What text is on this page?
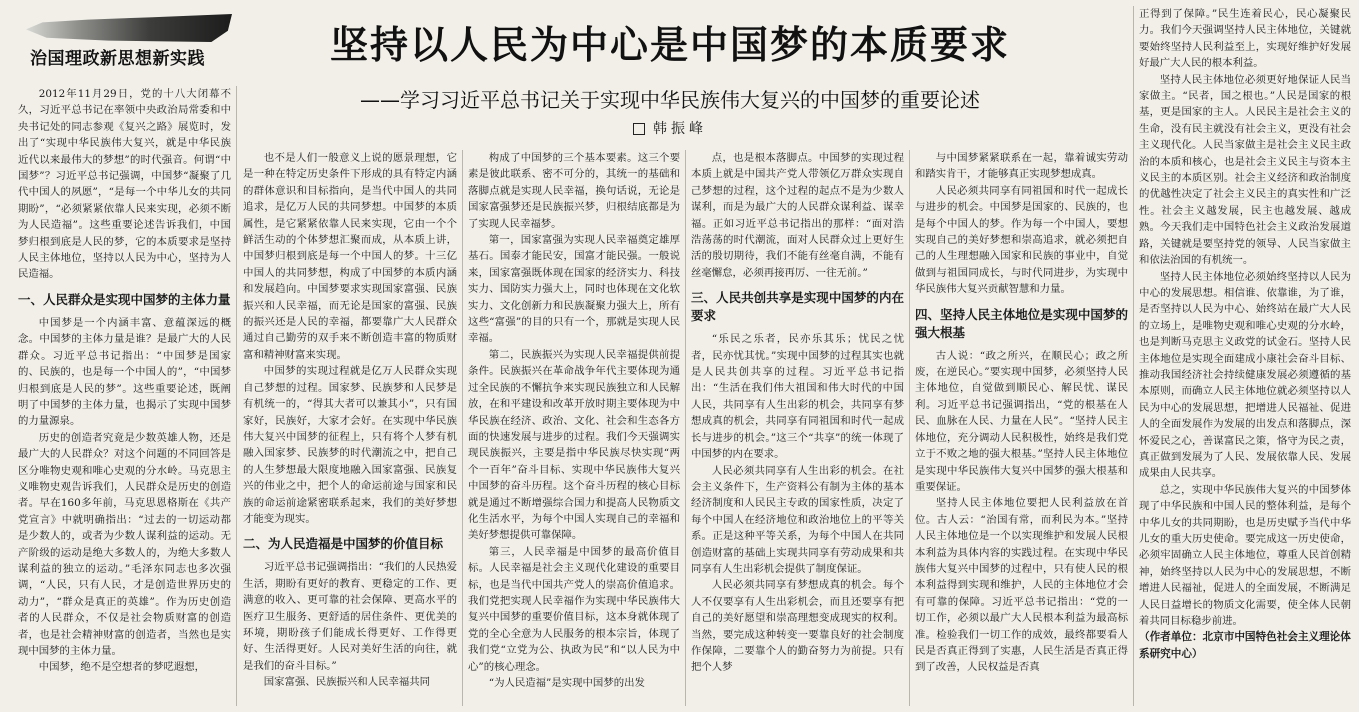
治国理政新思想新实践	坚持以人民为中心是中国梦的本质要求
——学习习近平总书记关于实现中华民族伟大复兴的中国梦的重要论述
韩振峰

2012年11月29日，党的十八大闭幕不久，习近平总书记在率领中央政治局常委和中央书记处的同志参观《复兴之路》展览时，发出了“实现中华民族伟大复兴，就是中华民族近代以来最伟大的梦想”的时代强音。何谓“中国梦”？习近平总书记强调，中国梦“凝聚了几代中国人的夙愿”，“是每一个中华儿女的共同期盼”，“必须紧紧依靠人民来实现，必须不断为人民造福”。这些重要论述告诉我们，中国梦归根到底是人民的梦，它的本质要求是坚持人民主体地位，坚持以人民为中心，坚持为人民造福。

一、人民群众是实现中国梦的主体力量

中国梦是一个内涵丰富、意蕴深远的概念。中国梦的主体力量是谁？是最广大的人民群众。习近平总书记指出：“中国梦是国家的、民族的，也是每一个中国人的”，“中国梦归根到底是人民的梦”。这些重要论述，既阐明了中国梦的主体力量，也揭示了实现中国梦的力量源泉。

历史的创造者究竟是少数英雄人物，还是最广大的人民群众？对这个问题的不同回答是区分唯物史观和唯心史观的分水岭。马克思主义唯物史观告诉我们，人民群众是历史的创造者。早在160多年前，马克思恩格斯在《共产党宣言》中就明确指出：“过去的一切运动都是少数人的，或者为少数人谋利益的运动。无产阶级的运动是绝大多数人的，为绝大多数人谋利益的独立的运动。”毛泽东同志也多次强调，“人民，只有人民，才是创造世界历史的动力”，“群众是真正的英雄”。作为历史创造者的人民群众，不仅是社会物质财富的创造者，也是社会精神财富的创造者，当然也是实现中国梦的主体力量。

中国梦，绝不是空想者的梦呓遐想，

也不是人们一般意义上说的愿景理想，它是一种在特定历史条件下形成的具有特定内涵的群体意识和目标指向，是当代中国人的共同追求，是亿万人民的共同梦想。中国梦的本质属性，是它紧紧依靠人民来实现，它由一个个鲜活生动的个体梦想汇聚而成，从本质上讲，中国梦归根到底是每一个中国人的梦。十三亿中国人的共同梦想，构成了中国梦的本质内涵和发展趋向。中国梦要求实现国家富强、民族振兴和人民幸福，而无论是国家的富强、民族的振兴还是人民的幸福，都要靠广大人民群众通过自己勤劳的双手来不断创造丰富的物质财富和精神财富来实现。

中国梦的实现过程就是亿万人民群众实现自己梦想的过程。国家梦、民族梦和人民梦是有机统一的，“得其大者可以兼其小”，只有国家好，民族好，大家才会好。在实现中华民族伟大复兴中国梦的征程上，只有将个人梦有机融入国家梦、民族梦的时代潮流之中，把自己的人生梦想最大限度地融入国家富强、民族复兴的伟业之中，把个人的命运前途与国家和民族的命运前途紧密联系起来，我们的美好梦想才能变为现实。

二、为人民造福是中国梦的价值目标

习近平总书记强调指出：“我们的人民热爱生活，期盼有更好的教育、更稳定的工作、更满意的收入、更可靠的社会保障、更高水平的医疗卫生服务、更舒适的居住条件、更优美的环境，期盼孩子们能成长得更好、工作得更好、生活得更好。人民对美好生活的向往，就是我们的奋斗目标。”

国家富强、民族振兴和人民幸福共同

构成了中国梦的三个基本要素。这三个要素是彼此联系、密不可分的，其统一的基础和落脚点就是实现人民幸福，换句话说，无论是国家富强梦还是民族振兴梦，归根结底都是为了实现人民幸福梦。

第一，国家富强为实现人民幸福奠定雄厚基石。国泰才能民安，国富才能民强。一般说来，国家富强既体现在国家的经济实力、科技实力、国防实力强大上，同时也体现在文化软实力、文化创新力和民族凝聚力强大上，所有这些“富强”的目的只有一个，那就是实现人民幸福。

第二，民族振兴为实现人民幸福提供前提条件。民族振兴在革命战争年代主要体现为通过全民族的不懈抗争来实现民族独立和人民解放，在和平建设和改革开放时期主要体现为中华民族在经济、政治、文化、社会和生态各方面的快速发展与进步的过程。我们今天强调实现民族振兴，主要是指中华民族尽快实现“两个一百年”奋斗目标、实现中华民族伟大复兴中国梦的奋斗历程。这个奋斗历程的核心目标就是通过不断增强综合国力和提高人民物质文化生活水平，为每个中国人实现自己的幸福和美好梦想提供可靠保障。

第三，人民幸福是中国梦的最高价值目标。人民幸福是社会主义现代化建设的重要目标，也是当代中国共产党人的崇高价值追求。我们党把实现人民幸福作为实现中华民族伟大复兴中国梦的重要价值目标，这本身就体现了党的全心全意为人民服务的根本宗旨，体现了我们党“立党为公、执政为民”和“以人民为中心”的核心理念。

“为人民造福”是实现中国梦的出发

点，也是根本落脚点。中国梦的实现过程本质上就是中国共产党人带领亿万群众实现自己梦想的过程，这个过程的起点不是为少数人谋利，而是为最广大的人民群众谋利益、谋幸福。正如习近平总书记指出的那样：“面对浩浩荡荡的时代潮流，面对人民群众过上更好生活的殷切期待，我们不能有丝毫自满，不能有丝毫懈怠，必须再接再厉、一往无前。”

三、人民共创共享是实现中国梦的内在要求

“乐民之乐者，民亦乐其乐；忧民之忧者，民亦忧其忧。”实现中国梦的过程其实也就是人民共创共享的过程。习近平总书记指出：“生活在我们伟大祖国和伟大时代的中国人民，共同享有人生出彩的机会，共同享有梦想成真的机会，共同享有同祖国和时代一起成长与进步的机会。”这三个“共享”的统一体现了中国梦的内在要求。

人民必须共同享有人生出彩的机会。在社会主义条件下，生产资料公有制为主体的基本经济制度和人民民主专政的国家性质，决定了每个中国人在经济地位和政治地位上的平等关系。正是这种平等关系，为每个中国人在共同创造财富的基础上实现共同享有劳动成果和共同享有人生出彩机会提供了制度保证。

人民必须共同享有梦想成真的机会。每个人不仅要享有人生出彩机会，而且还要享有把自己的美好愿望和崇高理想变成现实的权利。当然，要完成这种转变一要靠良好的社会制度作保障，二要靠个人的勤奋努力为前提。只有把个人梦

与中国梦紧紧联系在一起，靠着诚实劳动和踏实肯干，才能够真正实现梦想成真。

人民必须共同享有同祖国和时代一起成长与进步的机会。中国梦是国家的、民族的，也是每个中国人的梦。作为每一个中国人，要想实现自己的美好梦想和崇高追求，就必须把自己的人生理想融入国家和民族的事业中，自觉做到与祖国同成长，与时代同进步，为实现中华民族伟大复兴贡献智慧和力量。

四、坚持人民主体地位是实现中国梦的强大根基

古人说：“政之所兴，在顺民心；政之所废，在逆民心。”要实现中国梦，必须坚持人民主体地位，自觉做到顺民心、解民忧、谋民利。习近平总书记强调指出，“党的根基在人民、血脉在人民、力量在人民”。“坚持人民主体地位，充分调动人民积极性，始终是我们党立于不败之地的强大根基。”坚持人民主体地位是实现中华民族伟大复兴中国梦的强大根基和重要保证。

坚持人民主体地位要把人民利益放在首位。古人云：“治国有常，而利民为本。”坚持人民主体地位是一个以实现维护和发展人民根本利益为具体内容的实践过程。在实现中华民族伟大复兴中国梦的过程中，只有使人民的根本利益得到实现和维护，人民的主体地位才会有可靠的保障。习近平总书记指出：“党的一切工作，必须以最广大人民根本利益为最高标准。检验我们一切工作的成效，最终都要看人民是否真正得到了实惠，人民生活是否真正得到了改善，人民权益是否真

正得到了保障。”民生连着民心，民心凝聚民力。我们今天强调坚持人民主体地位，关键就要始终坚持人民利益至上，实现好维护好发展好最广大人民的根本利益。

坚持人民主体地位必须更好地保证人民当家做主。“民者，国之根也。”人民是国家的根基，更是国家的主人。人民民主是社会主义的生命，没有民主就没有社会主义，更没有社会主义现代化。人民当家做主是社会主义民主政治的本质和核心，也是社会主义民主与资本主义民主的本质区别。社会主义经济和政治制度的优越性决定了社会主义民主的真实性和广泛性。社会主义越发展，民主也越发展、越成熟。今天我们走中国特色社会主义政治发展道路，关键就是要坚持党的领导、人民当家做主和依法治国的有机统一。

坚持人民主体地位必须始终坚持以人民为中心的发展思想。相信谁、依靠谁，为了谁，是否坚持以人民为中心、始终站在最广大人民的立场上，是唯物史观和唯心史观的分水岭，也是判断马克思主义政党的试金石。坚持人民主体地位是实现全面建成小康社会奋斗目标、推动我国经济社会持续健康发展必须遵循的基本原则，而确立人民主体地位就必须坚持以人民为中心的发展思想，把增进人民福祉、促进人的全面发展作为发展的出发点和落脚点，深怀爱民之心，善谋富民之策，恪守为民之责，真正做到发展为了人民、发展依靠人民、发展成果由人民共享。

总之，实现中华民族伟大复兴的中国梦体现了中华民族和中国人民的整体利益，是每个中华儿女的共同期盼，也是历史赋予当代中华儿女的重大历史使命。要完成这一历史使命，必须牢固确立人民主体地位，尊重人民首创精神，始终坚持以人民为中心的发展思想，不断增进人民福祉，促进人的全面发展，不断满足人民日益增长的物质文化需要，使全体人民朝着共同目标稳步前进。

（作者单位：北京市中国特色社会主义理论体系研究中心）
